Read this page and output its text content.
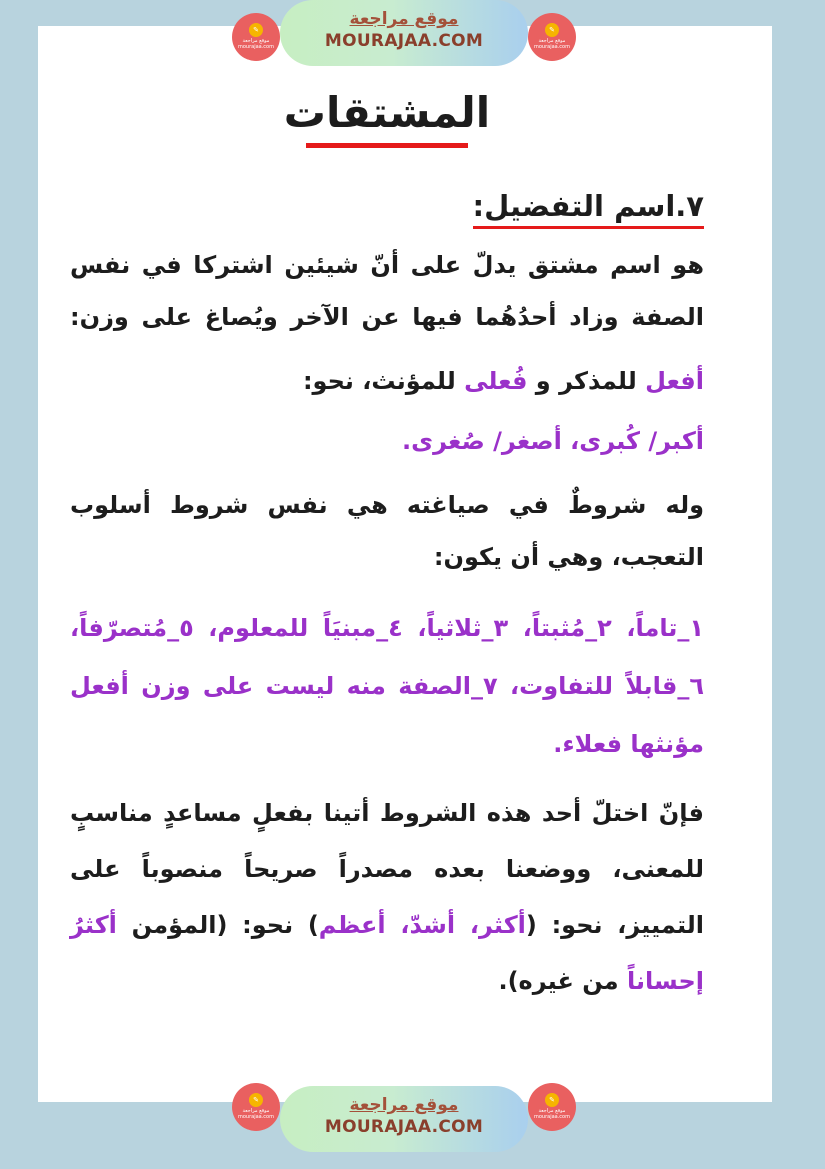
✎
موقع مراجعة mourajaa.com
موقع مراجعة
MOURAJAA.COM
✎
موقع مراجعة mourajaa.com
المشتقات
٧.اسم التفضيل:

هو اسم مشتق يدلّ على أنّ شيئين اشتركا في نفس الصفة وزاد أحدُهُما فيها عن الآخر ويُصاغ على وزن:

أفعل للمذكر و فُعلى للمؤنث، نحو:

أكبر/ كُبرى، أصغر/ صُغرى.

وله شروطٌ في صياغته هي نفس شروط أسلوب التعجب، وهي أن يكون:

١_تاماً، ٢_مُثبتاً، ٣_ثلاثياً، ٤_مبنيَاً للمعلوم، ٥_مُتصرّفاً، ٦_قابلاً للتفاوت، ٧_الصفة منه ليست على وزن أفعل مؤنثها فعلاء.

فإنّ اختلّ أحد هذه الشروط أتينا بفعلٍ مساعدٍ مناسبٍ للمعنى، ووضعنا بعده مصدراً صريحاً منصوباً على التمييز، نحو: (أكثر، أشدّ، أعظم) نحو: (المؤمن أكثرُ إحساناً من غيره).

✎
موقع مراجعة mourajaa.com
موقع مراجعة
MOURAJAA.COM
✎
موقع مراجعة mourajaa.com
